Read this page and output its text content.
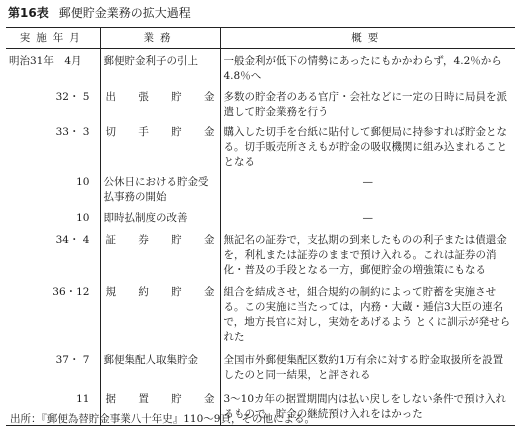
第16表 郵便貯金業務の拡大過程
実施年月	業務	概要
明治31年　4月	郵便貯金利子の引上	一般金利が低下の情勢にあったにもかかわらず，4.2％から 4.8％へ
32・ 5	出 張 貯 金	多数の貯金者のある官庁・会社などに一定の日時に局員を派遣して貯金業務を行う
33・ 3	切 手 貯 金	購入した切手を台紙に貼付して郵便局に持参すれば貯金となる。切手販売所さえもが貯金の吸収機関に組み込まれることとなる
10	公休日における貯金受払事務の開始	—
10	即時払制度の改善	—
34・ 4	証 券 貯 金	無記名の証券で，支払期の到来したものの利子または債還金を，利札または証券のままで預け入れる。これは証券の消化・普及の手段となる一方，郵便貯金の増強策にもなる
36・12	規 約 貯 金	組合を結成させ，組合規約の制約によって貯蓄を実施させる。この実施に当たっては，内務・大蔵・逓信3大臣の連名で，地方長官に対し，実効をあげるよう とくに訓示が発せられた
37・ 7	郵便集配人取集貯金	全国市外郵便集配区数約1万有余に対する貯金取扱所を設置したのと同一結果，と評される
11	据 置 貯 金	3～10カ年の据置期間内は払い戻しをしない条件で預け入れるもので，貯金の継続預け入れをはかった
出所：『郵便為替貯金事業八十年史』110～9頁，その他による。
